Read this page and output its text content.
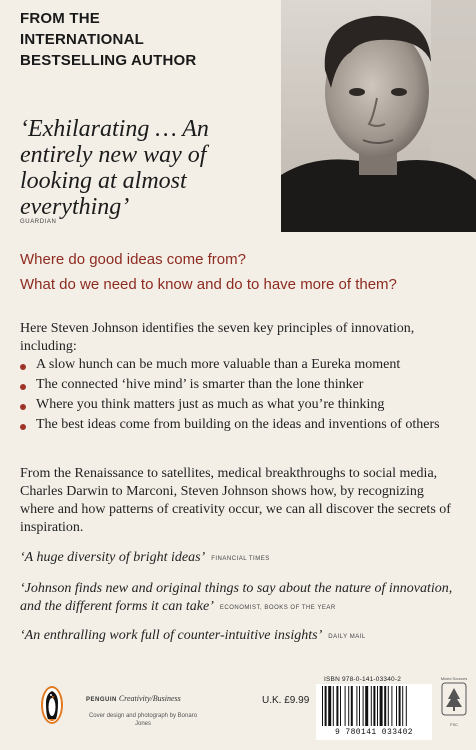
FROM THE
INTERNATIONAL
BESTSELLING AUTHOR
‘Exhilarating … An entirely new way of looking at almost everything’
GUARDIAN
Where do good ideas come from?
What do we need to know and do to have more of them?
Here Steven Johnson identifies the seven key principles of innovation, including:
A slow hunch can be much more valuable than a Eureka moment
The connected ‘hive mind’ is smarter than the lone thinker
Where you think matters just as much as what you’re thinking
The best ideas come from building on the ideas and inventions of others
From the Renaissance to satellites, medical breakthroughs to social media, Charles Darwin to Marconi, Steven Johnson shows how, by recognizing where and how patterns of creativity occur, we can all discover the secrets of inspiration.
‘A huge diversity of bright ideas’ FINANCIAL TIMES
‘Johnson finds new and original things to say about the nature of innovation, and the different forms it can take’ ECONOMIST, BOOKS OF THE YEAR
‘An enthralling work full of counter-intuitive insights’ DAILY MAIL
PENGUIN Creativity/Business
Cover design and photograph by Bonaro Jones
U.K. £9.99
ISBN 978-0-141-03340-2
9 780141 033402
Mixed Sources
FSC
